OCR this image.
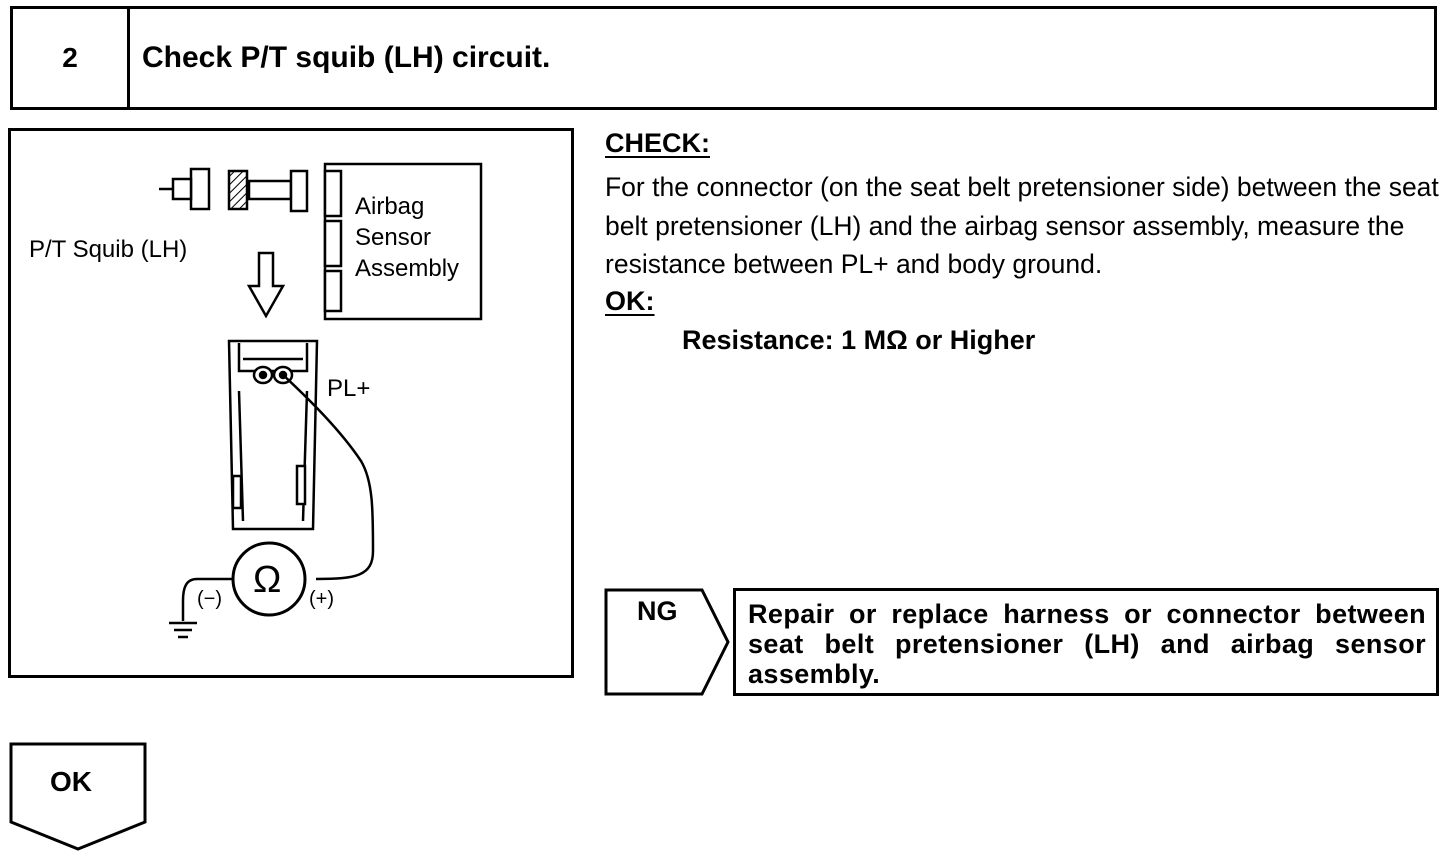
2	Check P/T squib (LH) circuit.
P/T Squib (LH)
Airbag
Sensor
Assembly
PL+
Ω
(−)	(+)
CHECK:

For the connector (on the seat belt pretensioner side) between the seat belt pretensioner (LH) and the airbag sensor assembly, measure the resistance between PL+ and body ground.

OK:
Resistance: 1 MΩ or Higher
NG	Repair or replace harness or connector between seat belt pretensioner (LH) and airbag sensor assembly.

OK
